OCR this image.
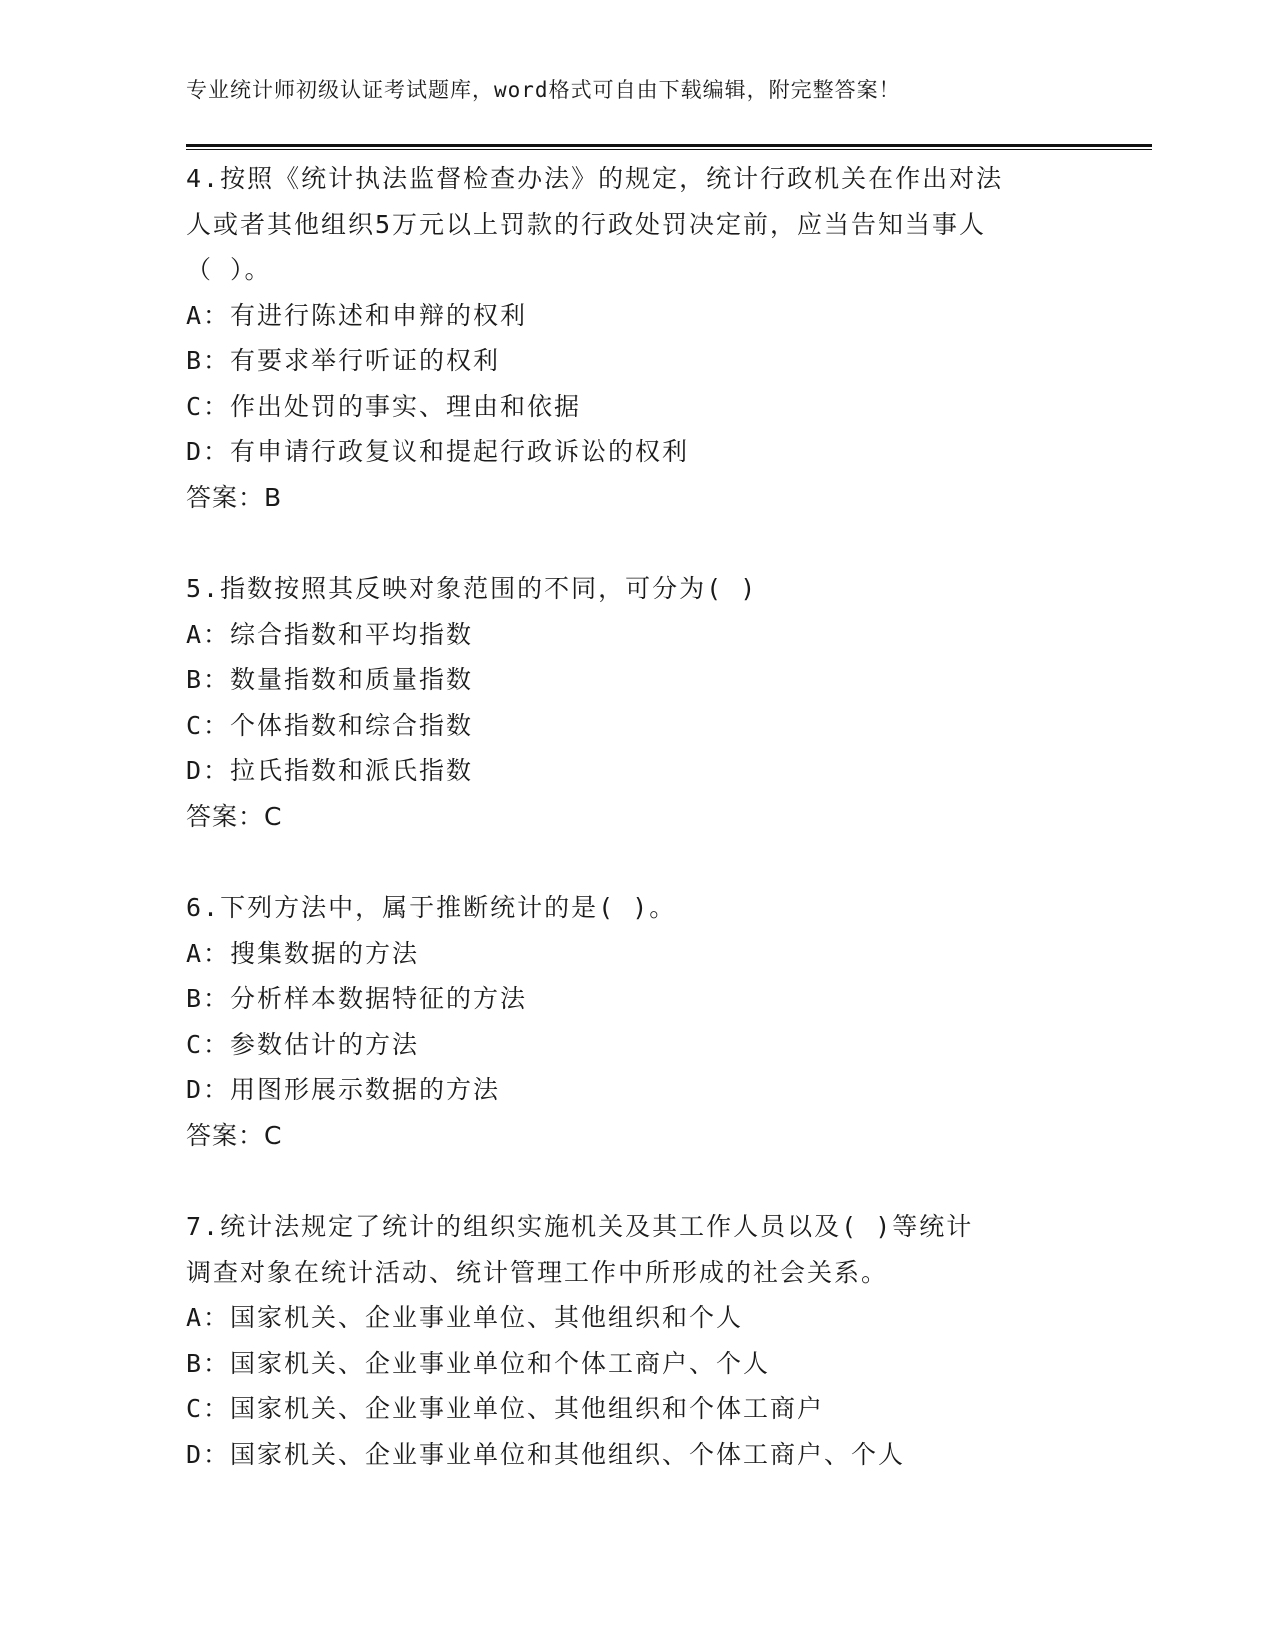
专业统计师初级认证考试题库，word格式可自由下载编辑，附完整答案！
4.按照《统计执法监督检查办法》的规定，统计行政机关在作出对法
人或者其他组织5万元以上罚款的行政处罚决定前，应当告知当事人
（ ）。
A：有进行陈述和申辩的权利
B：有要求举行听证的权利
C：作出处罚的事实、理由和依据
D：有申请行政复议和提起行政诉讼的权利
答案：B
5.指数按照其反映对象范围的不同，可分为( )
A：综合指数和平均指数
B：数量指数和质量指数
C：个体指数和综合指数
D：拉氏指数和派氏指数
答案：C
6.下列方法中，属于推断统计的是( )。
A：搜集数据的方法
B：分析样本数据特征的方法
C：参数估计的方法
D：用图形展示数据的方法
答案：C
7.统计法规定了统计的组织实施机关及其工作人员以及( )等统计
调查对象在统计活动、统计管理工作中所形成的社会关系。
A：国家机关、企业事业单位、其他组织和个人
B：国家机关、企业事业单位和个体工商户、个人
C：国家机关、企业事业单位、其他组织和个体工商户
D：国家机关、企业事业单位和其他组织、个体工商户、个人
